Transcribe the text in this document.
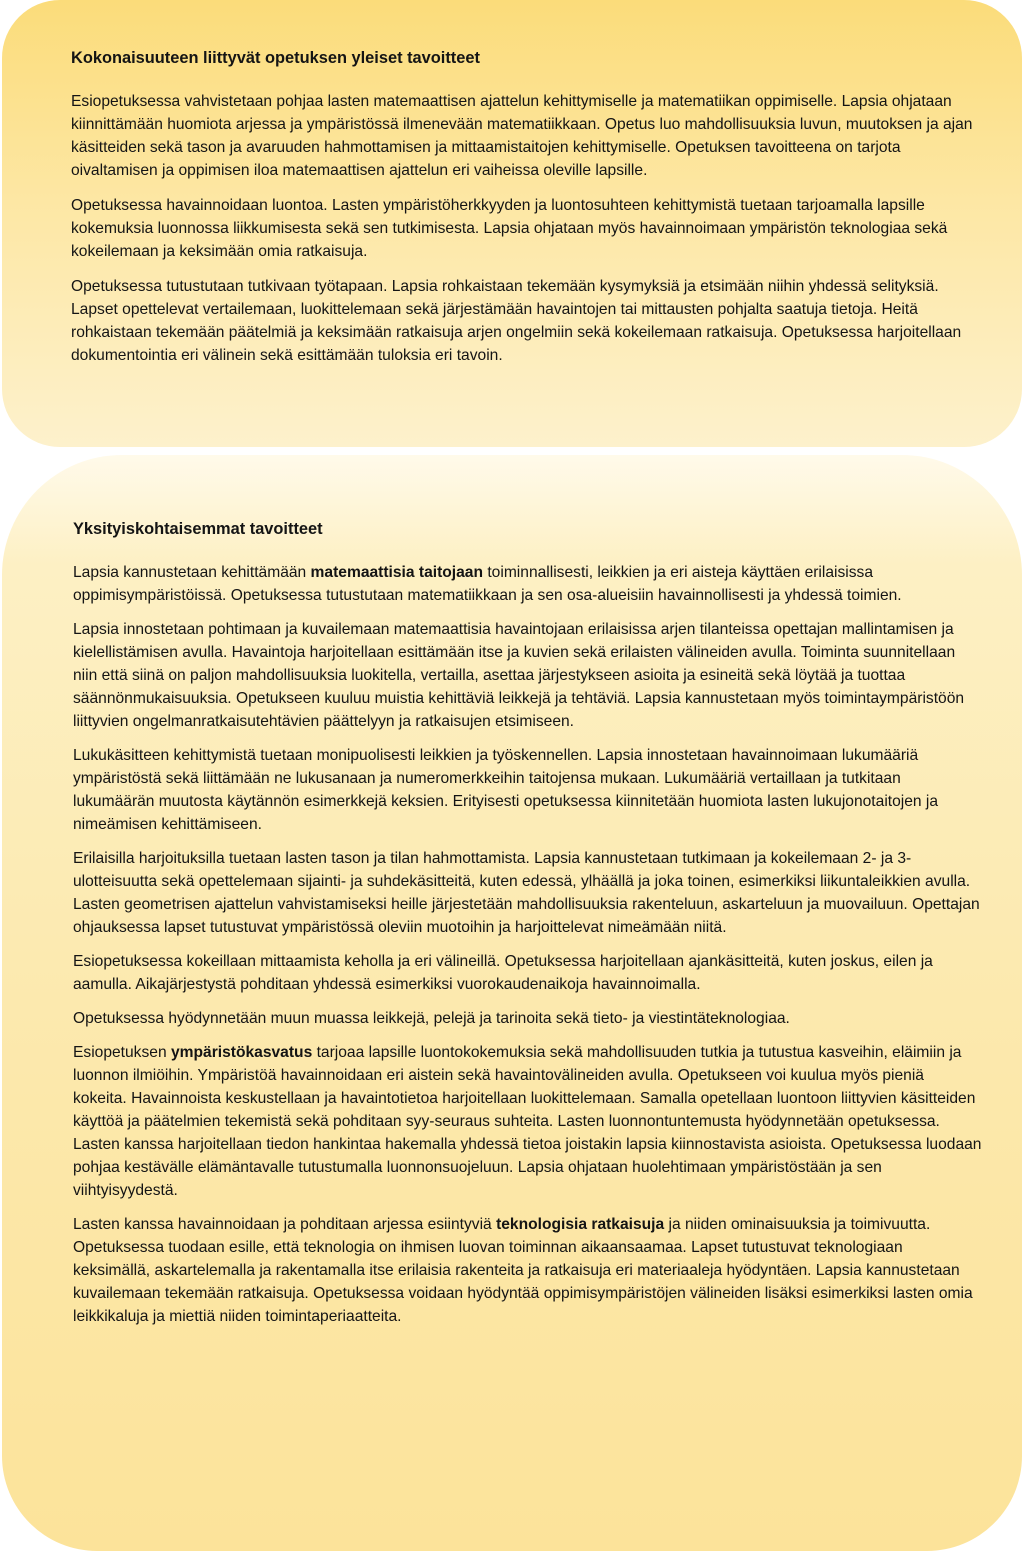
Kokonaisuuteen liittyvät opetuksen yleiset tavoitteet

Esiopetuksessa vahvistetaan pohjaa lasten matemaattisen ajattelun kehittymiselle ja matematiikan oppimiselle. Lapsia ohjataan kiinnittämään huomiota arjessa ja ympäristössä ilmenevään matematiikkaan. Opetus luo mahdollisuuksia luvun, muutoksen ja ajan käsitteiden sekä tason ja avaruuden hahmottamisen ja mittaamistaitojen kehittymiselle. Opetuksen tavoitteena on tarjota oivaltamisen ja oppimisen iloa matemaattisen ajattelun eri vaiheissa oleville lapsille.

Opetuksessa havainnoidaan luontoa. Lasten ympäristöherkkyyden ja luontosuhteen kehittymistä tuetaan tarjoamalla lapsille kokemuksia luonnossa liikkumisesta sekä sen tutkimisesta. Lapsia ohjataan myös havainnoimaan ympäristön teknologiaa sekä kokeilemaan ja keksimään omia ratkaisuja.

Opetuksessa tutustutaan tutkivaan työtapaan. Lapsia rohkaistaan tekemään kysymyksiä ja etsimään niihin yhdessä selityksiä. Lapset opettelevat vertailemaan, luokittelemaan sekä järjestämään havaintojen tai mittausten pohjalta saatuja tietoja. Heitä rohkaistaan tekemään päätelmiä ja keksimään ratkaisuja arjen ongelmiin sekä kokeilemaan ratkaisuja. Opetuksessa harjoitellaan dokumentointia eri välinein sekä esittämään tuloksia eri tavoin.

Yksityiskohtaisemmat tavoitteet

Lapsia kannustetaan kehittämään matemaattisia taitojaan toiminnallisesti, leikkien ja eri aisteja käyttäen erilaisissa oppimisympäristöissä. Opetuksessa tutustutaan matematiikkaan ja sen osa-alueisiin havainnollisesti ja yhdessä toimien.

Lapsia innostetaan pohtimaan ja kuvailemaan matemaattisia havaintojaan erilaisissa arjen tilanteissa opettajan mallintamisen ja kielellistämisen avulla. Havaintoja harjoitellaan esittämään itse ja kuvien sekä erilaisten välineiden avulla. Toiminta suunnitellaan niin että siinä on paljon mahdollisuuksia luokitella, vertailla, asettaa järjestykseen asioita ja esineitä sekä löytää ja tuottaa säännönmukaisuuksia. Opetukseen kuuluu muistia kehittäviä leikkejä ja tehtäviä. Lapsia kannustetaan myös toimintaympäristöön liittyvien ongelmanratkaisutehtävien päättelyyn ja ratkaisujen etsimiseen.

Lukukäsitteen kehittymistä tuetaan monipuolisesti leikkien ja työskennellen. Lapsia innostetaan havainnoimaan lukumääriä ympäristöstä sekä liittämään ne lukusanaan ja numeromerkkeihin taitojensa mukaan. Lukumääriä vertaillaan ja tutkitaan lukumäärän muutosta käytännön esimerkkejä keksien. Erityisesti opetuksessa kiinnitetään huomiota lasten lukujonotaitojen ja nimeämisen kehittämiseen.

Erilaisilla harjoituksilla tuetaan lasten tason ja tilan hahmottamista. Lapsia kannustetaan tutkimaan ja kokeilemaan 2- ja 3-ulotteisuutta sekä opettelemaan sijainti- ja suhdekäsitteitä, kuten edessä, ylhäällä ja joka toinen, esimerkiksi liikuntaleikkien avulla. Lasten geometrisen ajattelun vahvistamiseksi heille järjestetään mahdollisuuksia rakenteluun, askarteluun ja muovailuun. Opettajan ohjauksessa lapset tutustuvat ympäristössä oleviin muotoihin ja harjoittelevat nimeämään niitä.

Esiopetuksessa kokeillaan mittaamista keholla ja eri välineillä. Opetuksessa harjoitellaan ajankäsitteitä, kuten joskus, eilen ja aamulla. Aikajärjestystä pohditaan yhdessä esimerkiksi vuorokaudenaikoja havainnoimalla.

Opetuksessa hyödynnetään muun muassa leikkejä, pelejä ja tarinoita sekä tieto- ja viestintäteknologiaa.

Esiopetuksen ympäristökasvatus tarjoaa lapsille luontokokemuksia sekä mahdollisuuden tutkia ja tutustua kasveihin, eläimiin ja luonnon ilmiöihin. Ympäristöä havainnoidaan eri aistein sekä havaintovälineiden avulla. Opetukseen voi kuulua myös pieniä kokeita. Havainnoista keskustellaan ja havaintotietoa harjoitellaan luokittelemaan. Samalla opetellaan luontoon liittyvien käsitteiden käyttöä ja päätelmien tekemistä sekä pohditaan syy-seuraus suhteita. Lasten luonnontuntemusta hyödynnetään opetuksessa. Lasten kanssa harjoitellaan tiedon hankintaa hakemalla yhdessä tietoa joistakin lapsia kiinnostavista asioista. Opetuksessa luodaan pohjaa kestävälle elämäntavalle tutustumalla luonnonsuojeluun. Lapsia ohjataan huolehtimaan ympäristöstään ja sen viihtyisyydestä.

Lasten kanssa havainnoidaan ja pohditaan arjessa esiintyviä teknologisia ratkaisuja ja niiden ominaisuuksia ja toimivuutta. Opetuksessa tuodaan esille, että teknologia on ihmisen luovan toiminnan aikaansaamaa. Lapset tutustuvat teknologiaan keksimällä, askartelemalla ja rakentamalla itse erilaisia rakenteita ja ratkaisuja eri materiaaleja hyödyntäen. Lapsia kannustetaan kuvailemaan tekemään ratkaisuja. Opetuksessa voidaan hyödyntää oppimisympäristöjen välineiden lisäksi esimerkiksi lasten omia leikkikaluja ja miettiä niiden toimintaperiaatteita.
